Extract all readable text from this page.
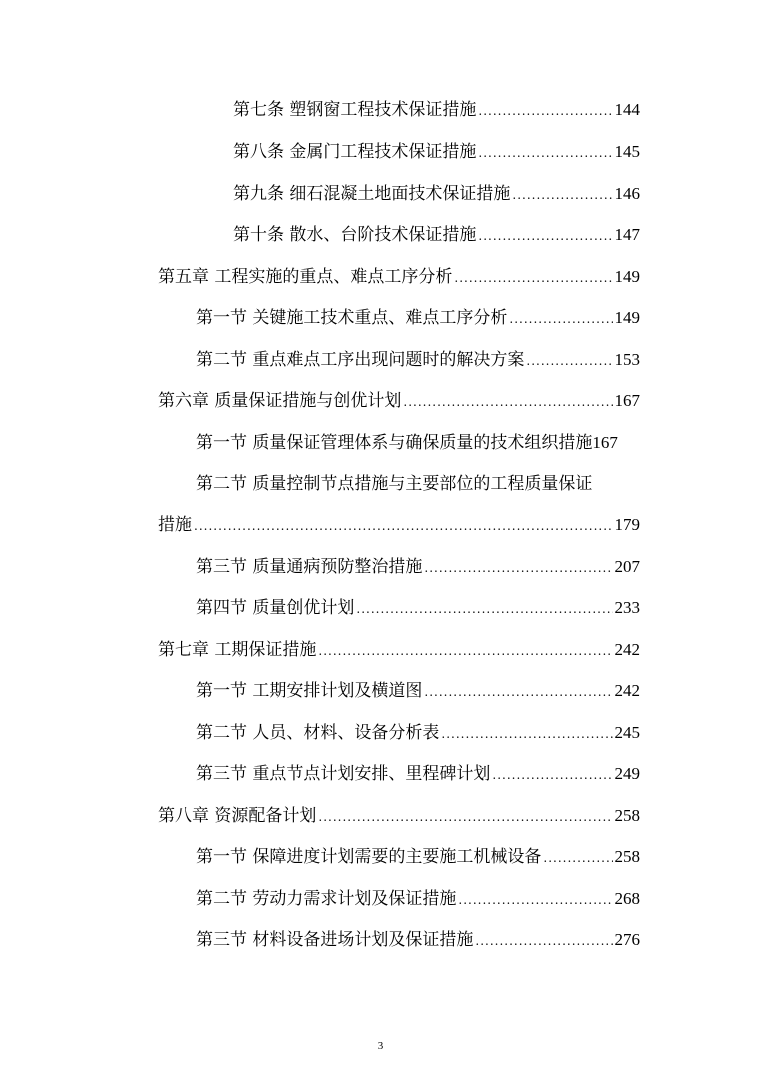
第七条 塑钢窗工程技术保证措施 .....	144
第八条 金属门工程技术保证措施 .....	145
第九条 细石混凝土地面技术保证措施 .....	146
第十条 散水、台阶技术保证措施 .....	147
第五章 工程实施的重点、难点工序分析 .....	149
第一节 关键施工技术重点、难点工序分析 .....	149
第二节 重点难点工序出现问题时的解决方案 .....	153
第六章 质量保证措施与创优计划 .....	167
第一节 质量保证管理体系与确保质量的技术组织措施 167
第二节 质量控制节点措施与主要部位的工程质量保证
措施 .....	179
第三节 质量通病预防整治措施 .....	207
第四节 质量创优计划 .....	233
第七章 工期保证措施 .....	242
第一节 工期安排计划及横道图 .....	242
第二节 人员、材料、设备分析表 .....	245
第三节 重点节点计划安排、里程碑计划 .....	249
第八章 资源配备计划 .....	258
第一节 保障进度计划需要的主要施工机械设备 .....	258
第二节 劳动力需求计划及保证措施 .....	268
第三节 材料设备进场计划及保证措施 .....	276
3
